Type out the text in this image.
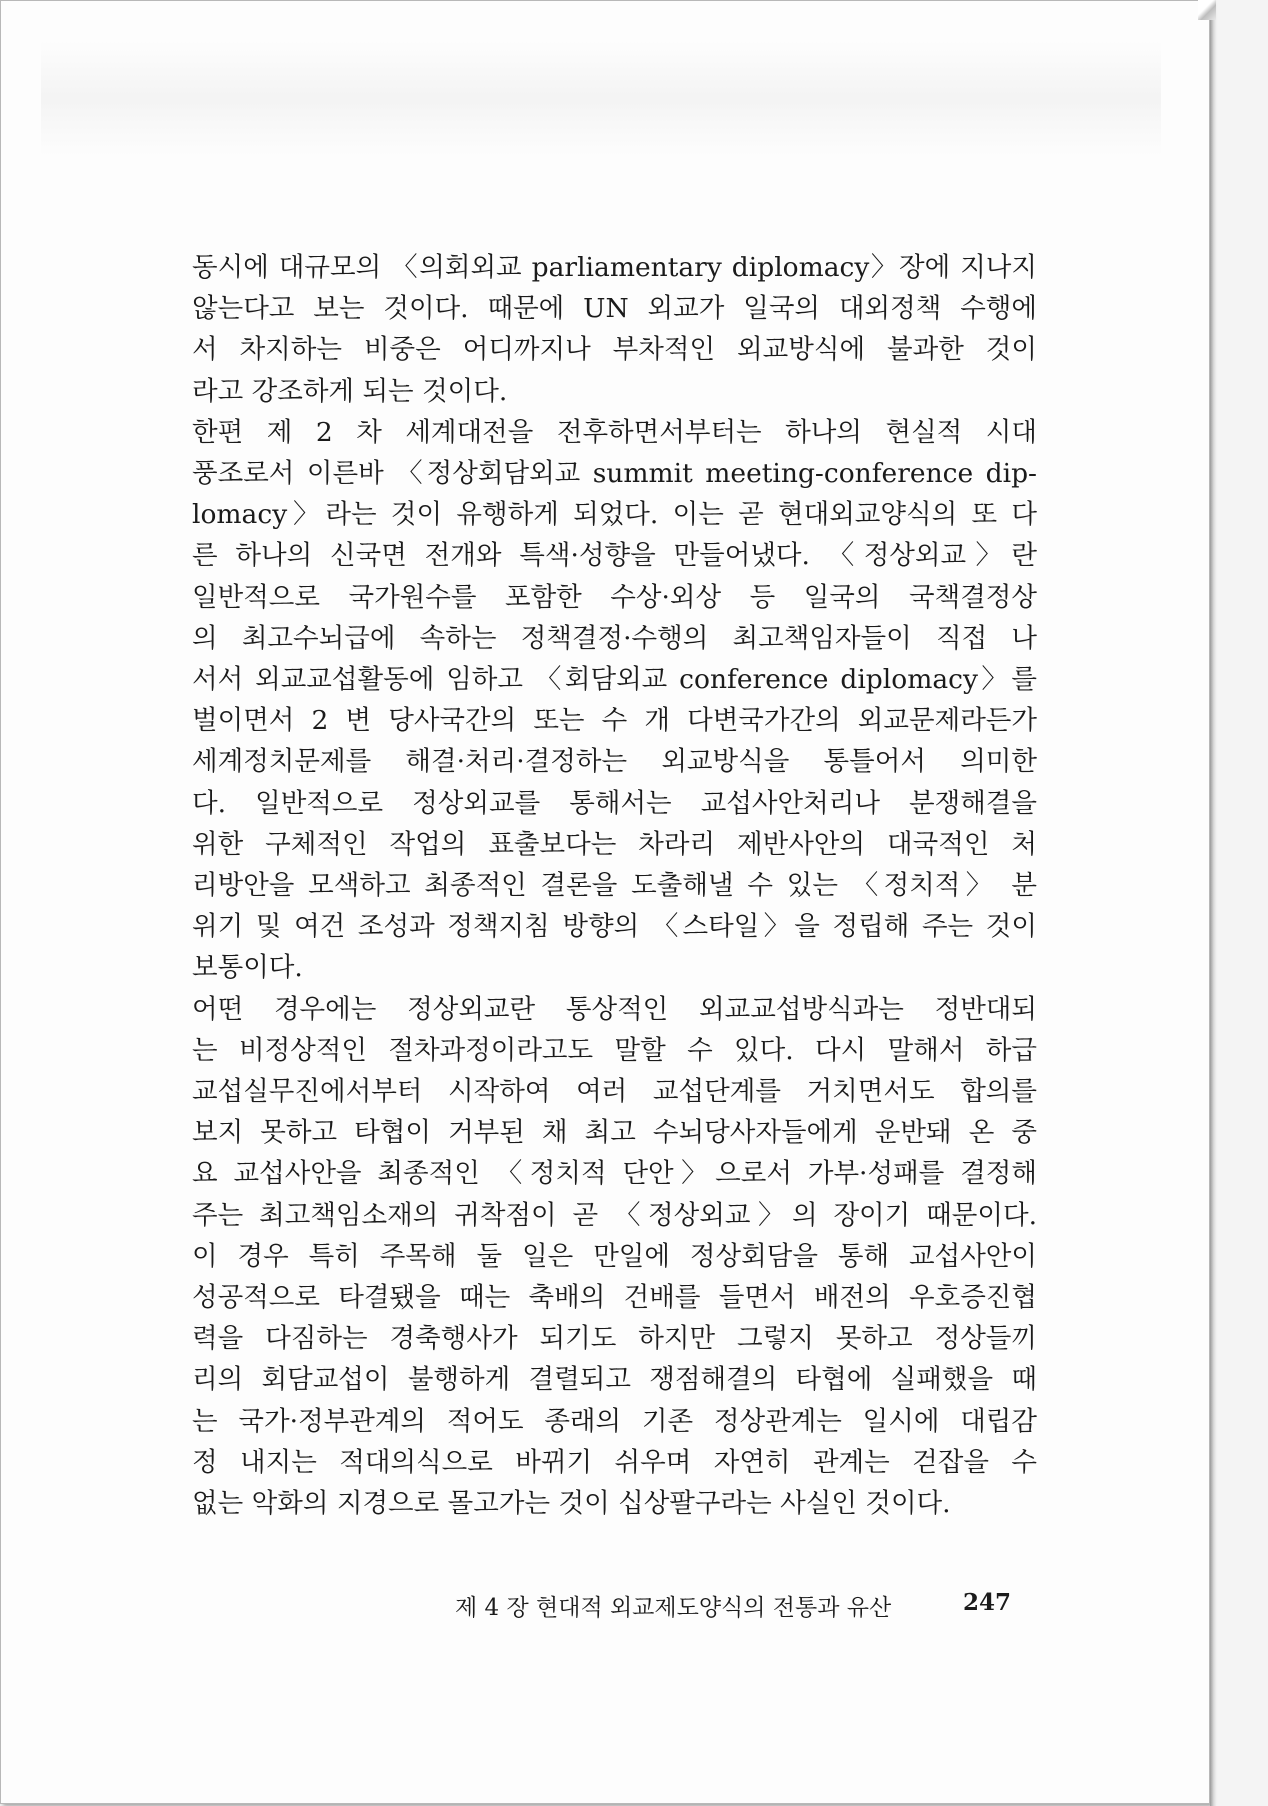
동시에 대규모의 〈의회외교 parliamentary diplomacy〉장에 지나지
않는다고 보는 것이다. 때문에 UN 외교가 일국의 대외정책 수행에
서 차지하는 비중은 어디까지나 부차적인 외교방식에 불과한 것이
라고 강조하게 되는 것이다.
한편 제 2 차 세계대전을 전후하면서부터는 하나의 현실적 시대
풍조로서 이른바 〈정상회담외교 summit meeting-conference dip-
lomacy〉라는 것이 유행하게 되었다. 이는 곧 현대외교양식의 또 다
른 하나의 신국면 전개와 특색·성향을 만들어냈다. 〈정상외교〉란
일반적으로 국가원수를 포함한 수상·외상 등 일국의 국책결정상
의 최고수뇌급에 속하는 정책결정·수행의 최고책임자들이 직접 나
서서 외교교섭활동에 임하고 〈회담외교 conference diplomacy〉를
벌이면서 2 변 당사국간의 또는 수 개 다변국가간의 외교문제라든가
세계정치문제를 해결·처리·결정하는 외교방식을 통틀어서 의미한
다. 일반적으로 정상외교를 통해서는 교섭사안처리나 분쟁해결을
위한 구체적인 작업의 표출보다는 차라리 제반사안의 대국적인 처
리방안을 모색하고 최종적인 결론을 도출해낼 수 있는 〈정치적〉 분
위기 및 여건 조성과 정책지침 방향의 〈스타일〉을 정립해 주는 것이
보통이다.
어떤 경우에는 정상외교란 통상적인 외교교섭방식과는 정반대되
는 비정상적인 절차과정이라고도 말할 수 있다. 다시 말해서 하급
교섭실무진에서부터 시작하여 여러 교섭단계를 거치면서도 합의를
보지 못하고 타협이 거부된 채 최고 수뇌당사자들에게 운반돼 온 중
요 교섭사안을 최종적인 〈정치적 단안〉으로서 가부·성패를 결정해
주는 최고책임소재의 귀착점이 곧 〈정상외교〉의 장이기 때문이다.
이 경우 특히 주목해 둘 일은 만일에 정상회담을 통해 교섭사안이
성공적으로 타결됐을 때는 축배의 건배를 들면서 배전의 우호증진협
력을 다짐하는 경축행사가 되기도 하지만 그렇지 못하고 정상들끼
리의 회담교섭이 불행하게 결렬되고 쟁점해결의 타협에 실패했을 때
는 국가·정부관계의 적어도 종래의 기존 정상관계는 일시에 대립감
정 내지는 적대의식으로 바뀌기 쉬우며 자연히 관계는 걷잡을 수
없는 악화의 지경으로 몰고가는 것이 십상팔구라는 사실인 것이다.
제 4 장 현대적 외교제도양식의 전통과 유산	247
